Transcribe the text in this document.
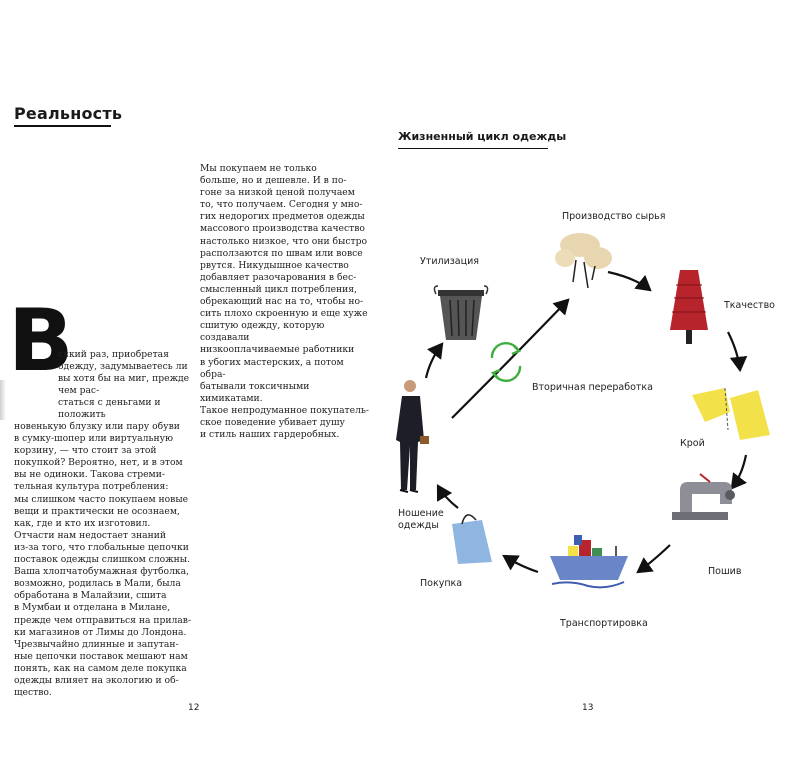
Реальность
Мы покупаем не только
больше, но и дешевле. И в по-
гоне за низкой ценой получаем
то, что получаем. Сегодня у мно-
гих недорогих предметов одежды
массового производства качество
настолько низкое, что они быстро
расползаются по швам или вовсе
рвутся. Никудышное качество
добавляет разочарования в бес-
смысленный цикл потребления,
обрекающий нас на то, чтобы но-
сить плохо скроенную и еще хуже
сшитую одежду, которую создавали
низкооплачиваемые работники
в убогих мастерских, а потом обра-
батывали токсичными химикатами.
Такое непродуманное покупатель-
ское поведение убивает душу
и стиль наших гардеробных.
В
сякий раз, приобретая
одежду, задумываетесь ли
вы хотя бы на миг, прежде чем рас-
статься с деньгами и положить
новенькую блузку или пару обуви
в сумку-шопер или виртуальную
корзину, — что стоит за этой
покупкой? Вероятно, нет, и в этом
вы не одиноки. Такова стреми-
тельная культура потребления:
мы слишком часто покупаем новые
вещи и практически не осознаем,
как, где и кто их изготовил.
Отчасти нам недостает знаний
из-за того, что глобальные цепочки
поставок одежды слишком сложны.
Ваша хлопчатобумажная футболка,
возможно, родилась в Мали, была
обработана в Малайзии, сшита
в Мумбаи и отделана в Милане,
прежде чем отправиться на прилав-
ки магазинов от Лимы до Лондона.
Чрезвычайно длинные и запутан-
ные цепочки поставок мешают нам
понять, как на самом деле покупка
одежды влияет на экологию и об-
щество.
12
Жизненный цикл одежды
Производство сырья
Ткачество
Крой
Пошив
Транспортировка
Покупка
Ношение
одежды
Утилизация
Вторичная переработка
13
